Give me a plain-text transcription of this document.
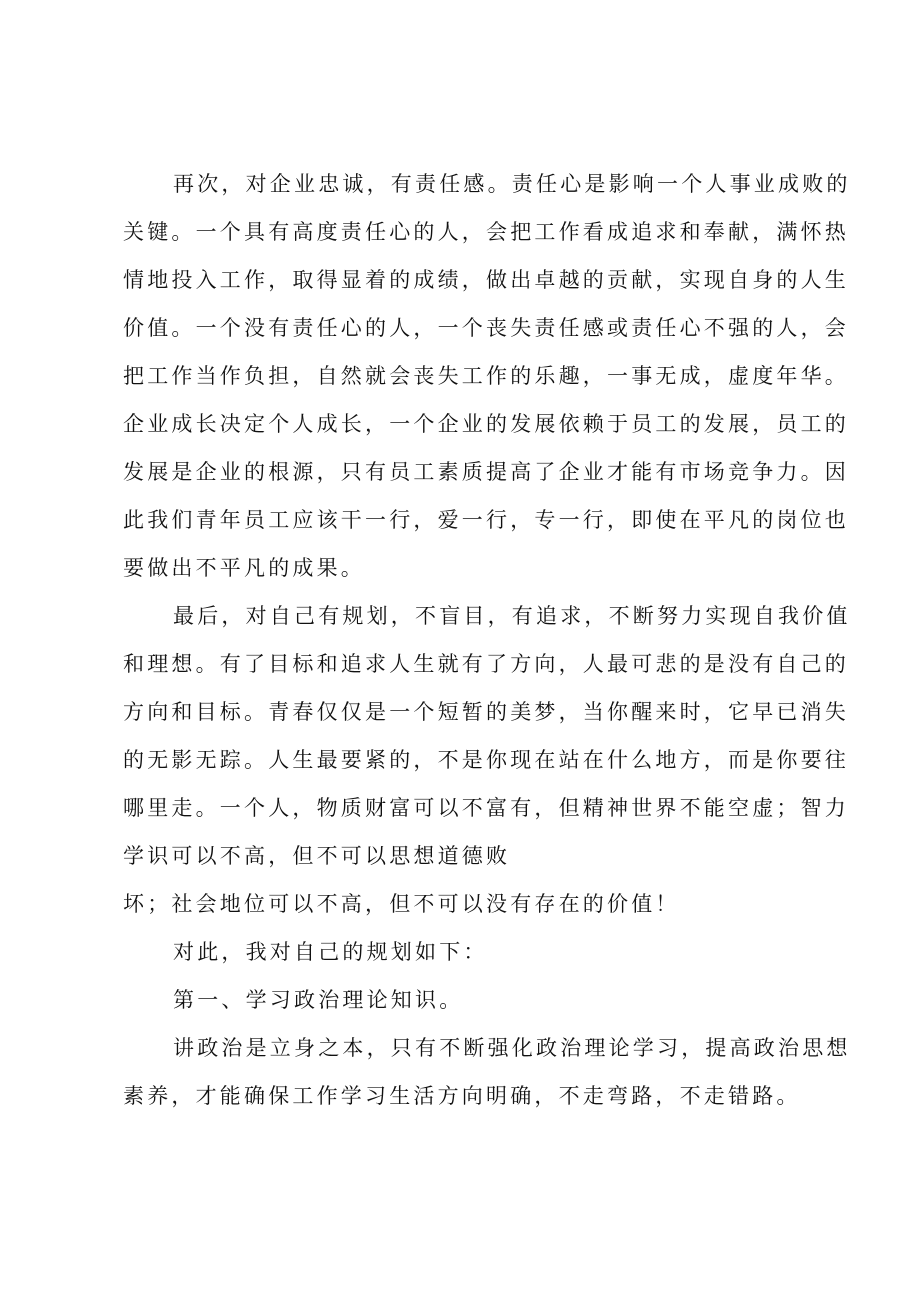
再次，对企业忠诚，有责任感。责任心是影响一个人事业成败的
关键。一个具有高度责任心的人，会把工作看成追求和奉献，满怀热
情地投入工作，取得显着的成绩，做出卓越的贡献，实现自身的人生
价值。一个没有责任心的人，一个丧失责任感或责任心不强的人，会
把工作当作负担，自然就会丧失工作的乐趣，一事无成，虚度年华。
企业成长决定个人成长，一个企业的发展依赖于员工的发展，员工的
发展是企业的根源，只有员工素质提高了企业才能有市场竞争力。因
此我们青年员工应该干一行，爱一行，专一行，即使在平凡的岗位也
要做出不平凡的成果。
最后，对自己有规划，不盲目，有追求，不断努力实现自我价值
和理想。有了目标和追求人生就有了方向，人最可悲的是没有自己的
方向和目标。青春仅仅是一个短暂的美梦，当你醒来时，它早已消失
的无影无踪。人生最要紧的，不是你现在站在什么地方，而是你要往
哪里走。一个人，物质财富可以不富有，但精神世界不能空虚；智力
学识可以不高，但不可以思想道德败
坏；社会地位可以不高，但不可以没有存在的价值！
对此，我对自己的规划如下：
第一、学习政治理论知识。
讲政治是立身之本，只有不断强化政治理论学习，提高政治思想
素养，才能确保工作学习生活方向明确，不走弯路，不走错路。
